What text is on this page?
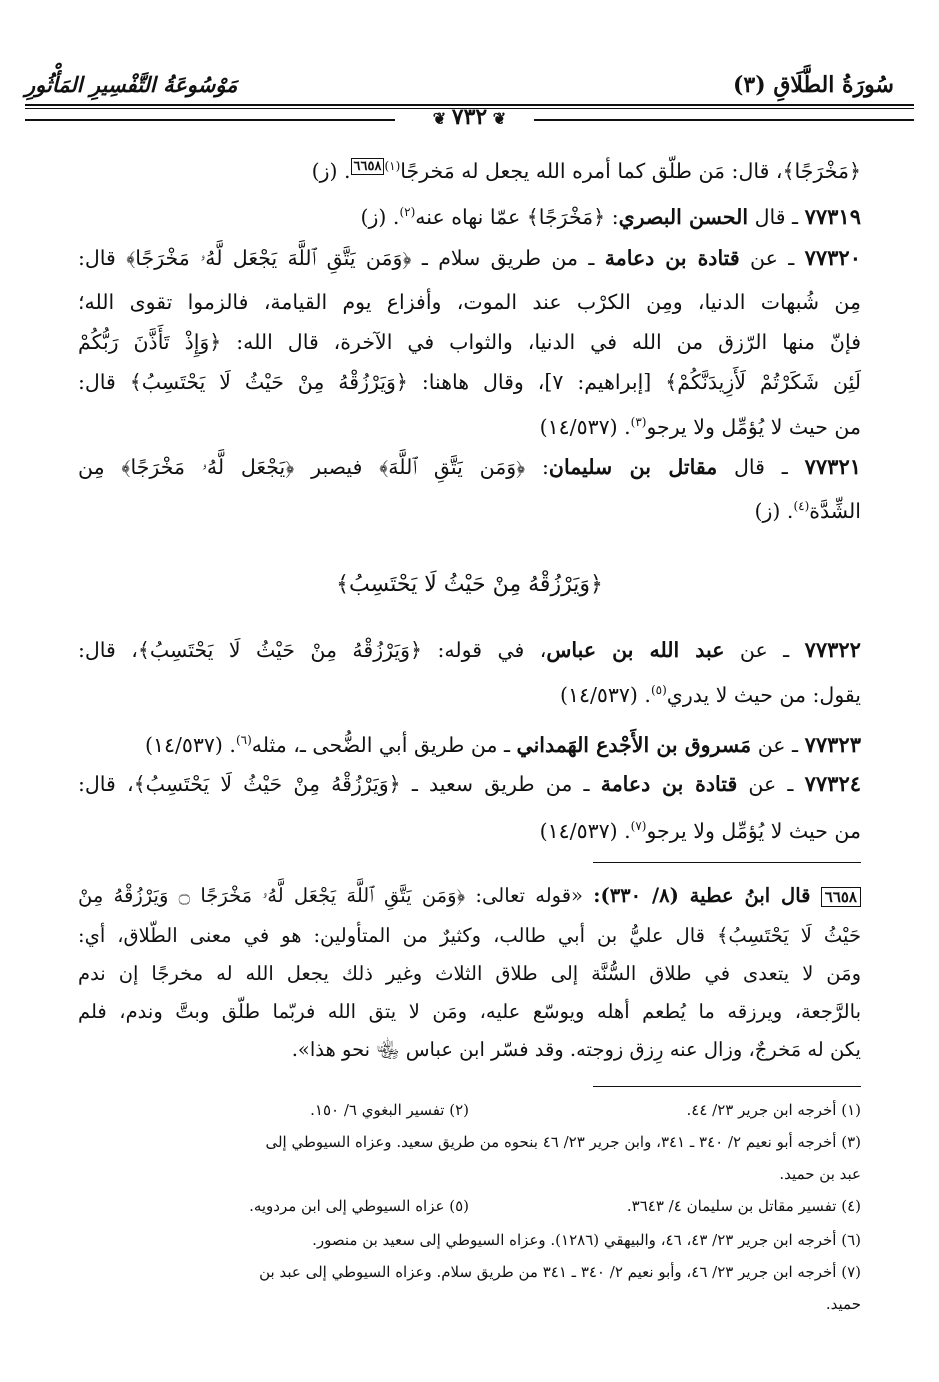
سُورَةُ الطَّلَاقِ (٣)
مَوْسُوعَةُ التَّفْسِيرِ المَأْثُورِ
❦ ٧٣٢ ❦
﴿مَخْرَجًا﴾، قال: مَن طلّق كما أمره الله يجعل له مَخرجًا$^{(١)٦٦٥٨}$. (ز)
٧٧٣١٩ ـ قال الحسن البصري: ﴿مَخْرَجًا﴾ عمّا نهاه عنه$^{(٢)}$. (ز)
٧٧٣٢٠ ـ عن قتادة بن دعامة ـ من طريق سلام ـ ﴿وَمَن يَتَّقِ ٱللَّهَ يَجْعَل لَّهُۥ مَخْرَجًا﴾ قال:
مِن شُبهات الدنيا، ومِن الكرْب عند الموت، وأفزاع يوم القيامة، فالزموا تقوى الله؛
فإنّ منها الرّزق من الله في الدنيا، والثواب في الآخرة، قال الله: ﴿وَإِذْ تَأَذَّنَ رَبُّكُمْ
لَئِن شَكَرْتُمْ لَأَزِيدَنَّكُمْ﴾ [إبراهيم: ٧]، وقال هاهنا: ﴿وَيَرْزُقْهُ مِنْ حَيْثُ لَا يَحْتَسِبُ﴾ قال:
من حيث لا يُؤمِّل ولا يرجو$^{(٣)}$. (١٤/٥٣٧)
٧٧٣٢١ ـ قال مقاتل بن سليمان: ﴿وَمَن يَتَّقِ ٱللَّهَ﴾ فيصبر ﴿يَجْعَل لَّهُۥ مَخْرَجًا﴾ مِن
الشِّدَّة$^{(٤)}$. (ز)
﴿وَيَرْزُقْهُ مِنْ حَيْثُ لَا يَحْتَسِبُ﴾
٧٧٣٢٢ ـ عن عبد الله بن عباس، في قوله: ﴿وَيَرْزُقْهُ مِنْ حَيْثُ لَا يَحْتَسِبُ﴾، قال:
يقول: من حيث لا يدري$^{(٥)}$. (١٤/٥٣٧)
٧٧٣٢٣ ـ عن مَسروق بن الأَجْدع الهَمداني ـ من طريق أبي الضُّحى ـ، مثله$^{(٦)}$. (١٤/٥٣٧)
٧٧٣٢٤ ـ عن قتادة بن دعامة ـ من طريق سعيد ـ ﴿وَيَرْزُقْهُ مِنْ حَيْثُ لَا يَحْتَسِبُ﴾، قال:
من حيث لا يُؤمِّل ولا يرجو$^{(٧)}$. (١٤/٥٣٧)
٦٦٥٨ قال ابنُ عطية (٨/ ٣٣٠): «قوله تعالى: ﴿وَمَن يَتَّقِ ٱللَّهَ يَجْعَل لَّهُۥ مَخْرَجًا ۝ وَيَرْزُقْهُ مِنْ
حَيْثُ لَا يَحْتَسِبُ﴾ قال عليُّ بن أبي طالب، وكثيرٌ من المتأولين: هو في معنى الطّلاق، أي:
ومَن لا يتعدى في طلاق السُّنَّة إلى طلاق الثلاث وغير ذلك يجعل الله له مخرجًا إن ندم
بالرَّجعة، ويرزقه ما يُطعم أهله ويوسّع عليه، ومَن لا يتق الله فربّما طلّق وبتَّ وندم، فلم
يكن له مَخرجٌ، وزال عنه رِزق زوجته. وقد فسّر ابن عباس ﵄ نحو هذا».
(١) أخرجه ابن جرير ٢٣/ ٤٤.(٢) تفسير البغوي ٦/ ١٥٠.
(٣) أخرجه أبو نعيم ٢/ ٣٤٠ ـ ٣٤١، وابن جرير ٢٣/ ٤٦ بنحوه من طريق سعيد. وعزاه السيوطي إلى
عبد بن حميد.
(٤) تفسير مقاتل بن سليمان ٤/ ٣٦٤٣.(٥) عزاه السيوطي إلى ابن مردويه.
(٦) أخرجه ابن جرير ٢٣/ ٤٣، ٤٦، والبيهقي (١٢٨٦). وعزاه السيوطي إلى سعيد بن منصور.
(٧) أخرجه ابن جرير ٢٣/ ٤٦، وأبو نعيم ٢/ ٣٤٠ ـ ٣٤١ من طريق سلام. وعزاه السيوطي إلى عبد بن
حميد.
